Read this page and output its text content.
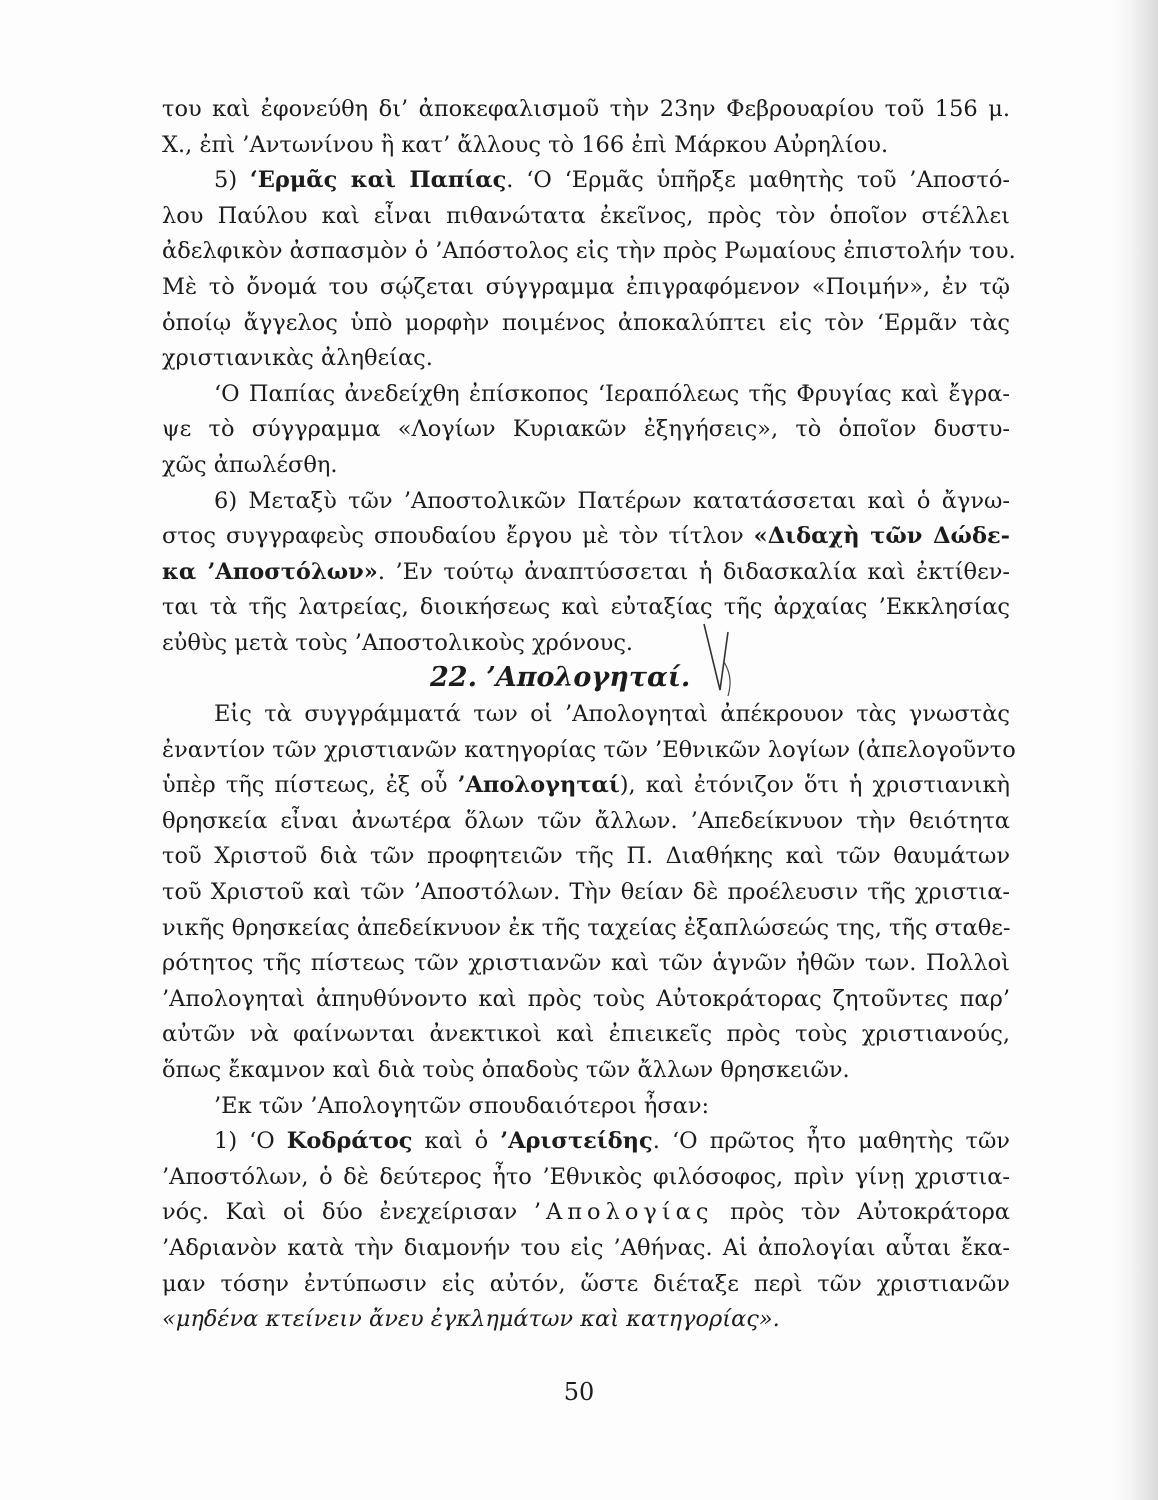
του καὶ ἐφονεύθη δι’ ἀποκεφαλισμοῦ τὴν 23ην Φεβρουαρίου τοῦ 156 μ.
Χ., ἐπὶ ’Αντωνίνου ἢ κατ’ ἄλλους τὸ 166 ἐπὶ Μάρκου Αὐρηλίου.
5) ‘Ερμᾶς καὶ Παπίας. ‘Ο ‘Ερμᾶς ὑπῆρξε μαθητὴς τοῦ ’Αποστό-
λου Παύλου καὶ εἶναι πιθανώτατα ἐκεῖνος, πρὸς τὸν ὁποῖον στέλλει
ἀδελφικὸν ἀσπασμὸν ὁ ’Απόστολος εἰς τὴν πρὸς Ρωμαίους ἐπιστολήν του.
Μὲ τὸ ὄνομά του σῴζεται σύγγραμμα ἐπιγραφόμενον «Ποιμήν», ἐν τῷ
ὁποίῳ ἄγγελος ὑπὸ μορφὴν ποιμένος ἀποκαλύπτει εἰς τὸν ‘Ερμᾶν τὰς
χριστιανικὰς ἀληθείας.
‘Ο Παπίας ἀνεδείχθη ἐπίσκοπος ‘Ιεραπόλεως τῆς Φρυγίας καὶ ἔγρα-
ψε τὸ σύγγραμμα «Λογίων Κυριακῶν ἐξηγήσεις», τὸ ὁποῖον δυστυ-
χῶς ἀπωλέσθη.
6) Μεταξὺ τῶν ’Αποστολικῶν Πατέρων κατατάσσεται καὶ ὁ ἄγνω-
στος συγγραφεὺς σπουδαίου ἔργου μὲ τὸν τίτλον «Διδαχὴ τῶν Δώδε-
κα ’Αποστόλων». ’Εν τούτῳ ἀναπτύσσεται ἡ διδασκαλία καὶ ἐκτίθεν-
ται τὰ τῆς λατρείας, διοικήσεως καὶ εὐταξίας τῆς ἀρχαίας ’Εκκλησίας
εὐθὺς μετὰ τοὺς ’Αποστολικοὺς χρόνους.
Εἰς τὰ συγγράμματά των οἱ ’Απολογηταὶ ἀπέκρουον τὰς γνωστὰς
ἐναντίον τῶν χριστιανῶν κατηγορίας τῶν ’Εθνικῶν λογίων (ἀπελογοῦντο
ὑπὲρ τῆς πίστεως, ἐξ οὗ ’Απολογηταί), καὶ ἐτόνιζον ὅτι ἡ χριστιανικὴ
θρησκεία εἶναι ἀνωτέρα ὅλων τῶν ἄλλων. ’Απεδείκνυον τὴν θειότητα
τοῦ Χριστοῦ διὰ τῶν προφητειῶν τῆς Π. Διαθήκης καὶ τῶν θαυμάτων
τοῦ Χριστοῦ καὶ τῶν ’Αποστόλων. Τὴν θείαν δὲ προέλευσιν τῆς χριστια-
νικῆς θρησκείας ἀπεδείκνυον ἐκ τῆς ταχείας ἐξαπλώσεώς της, τῆς σταθε-
ρότητος τῆς πίστεως τῶν χριστιανῶν καὶ τῶν ἁγνῶν ἠθῶν των. Πολλοὶ
’Απολογηταὶ ἀπηυθύνοντο καὶ πρὸς τοὺς Αὐτοκράτορας ζητοῦντες παρ’
αὐτῶν νὰ φαίνωνται ἀνεκτικοὶ καὶ ἐπιεικεῖς πρὸς τοὺς χριστιανούς,
ὅπως ἔκαμνον καὶ διὰ τοὺς ὀπαδοὺς τῶν ἄλλων θρησκειῶν.
’Εκ τῶν ’Απολογητῶν σπουδαιότεροι ἦσαν:
1) ‘Ο Κοδράτος καὶ ὁ ’Αριστείδης. ‘Ο πρῶτος ἦτο μαθητὴς τῶν
’Αποστόλων, ὁ δὲ δεύτερος ἦτο ’Εθνικὸς φιλόσοφος, πρὶν γίνῃ χριστια-
νός. Καὶ οἱ δύο ἐνεχείρισαν ’Απολογίας πρὸς τὸν Αὐτοκράτορα
’Αδριανὸν κατὰ τὴν διαμονήν του εἰς ’Αθήνας. Αἱ ἀπολογίαι αὗται ἔκα-
μαν τόσην ἐντύπωσιν εἰς αὐτόν, ὥστε διέταξε περὶ τῶν χριστιανῶν
«μηδένα κτείνειν ἄνευ ἐγκλημάτων καὶ κατηγορίας».
22. ’Απολογηταί.
50
